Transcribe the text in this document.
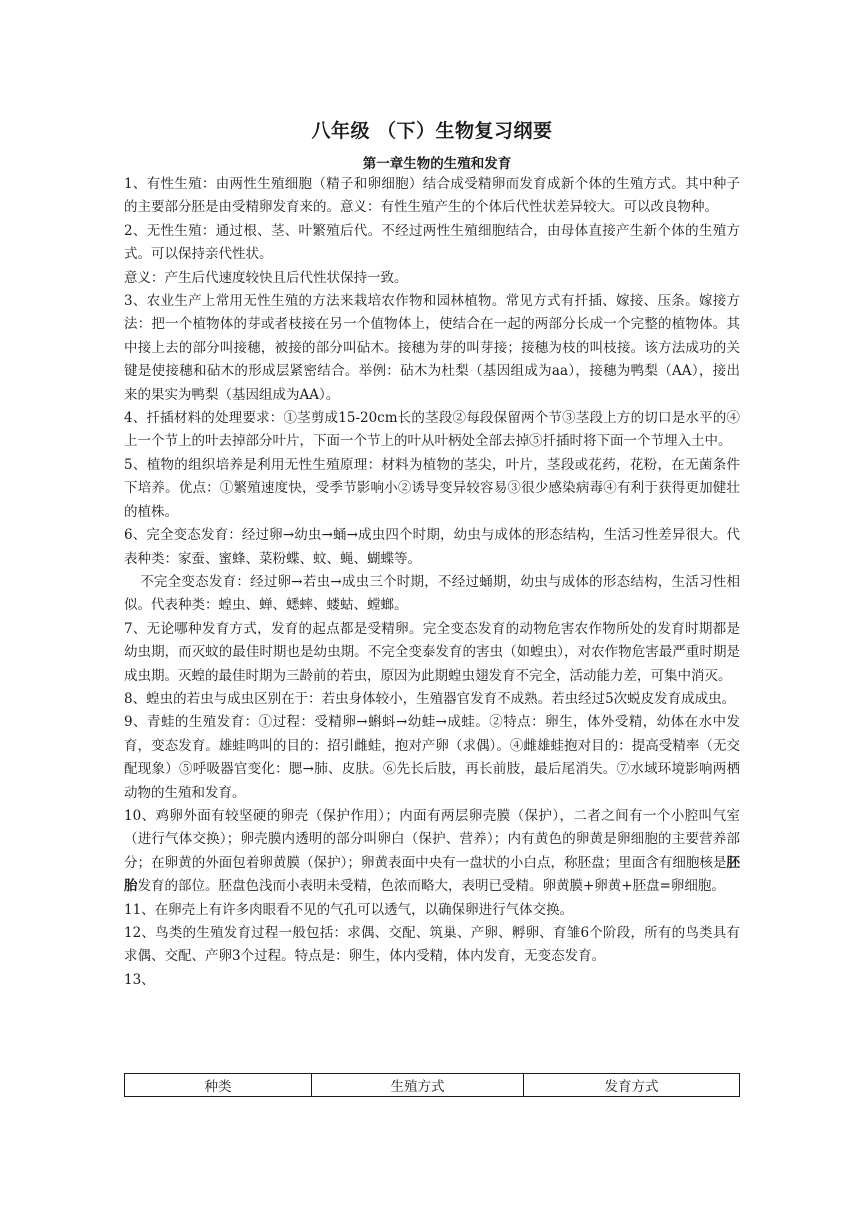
八年级 （下）生物复习纲要
第一章生物的生殖和发育

1、有性生殖：由两性生殖细胞（精子和卵细胞）结合成受精卵而发育成新个体的生殖方式。其中种子的主要部分胚是由受精卵发育来的。意义：有性生殖产生的个体后代性状差异较大。可以改良物种。

2、无性生殖：通过根、茎、叶繁殖后代。不经过两性生殖细胞结合，由母体直接产生新个体的生殖方式。可以保持亲代性状。

意义：产生后代速度较快且后代性状保持一致。

3、农业生产上常用无性生殖的方法来栽培农作物和园林植物。常见方式有扦插、嫁接、压条。嫁接方法：把一个植物体的芽或者枝接在另一个值物体上，使结合在一起的两部分长成一个完整的植物体。其中接上去的部分叫接穗，被接的部分叫砧木。接穗为芽的叫芽接；接穗为枝的叫枝接。该方法成功的关键是使接穗和砧木的形成层紧密结合。举例：砧木为杜梨（基因组成为aa），接穗为鸭梨（AA），接出来的果实为鸭梨（基因组成为AA）。

4、扦插材料的处理要求：①茎剪成15-20cm长的茎段②每段保留两个节③茎段上方的切口是水平的④上一个节上的叶去掉部分叶片，下面一个节上的叶从叶柄处全部去掉⑤扦插时将下面一个节埋入土中。

5、植物的组织培养是利用无性生殖原理：材料为植物的茎尖，叶片，茎段或花药，花粉，在无菌条件下培养。优点：①繁殖速度快，受季节影响小②诱导变异较容易③很少感染病毒④有利于获得更加健壮的植株。

6、完全变态发育：经过卵→幼虫→蛹→成虫四个时期，幼虫与成体的形态结构，生活习性差异很大。代表种类：家蚕、蜜蜂、菜粉蝶、蚊、蝇、蝴蝶等。

不完全变态发育：经过卵→若虫→成虫三个时期，不经过蛹期，幼虫与成体的形态结构，生活习性相似。代表种类：蝗虫、蝉、蟋蟀、蝼蛄、螳螂。

7、无论哪种发育方式，发育的起点都是受精卵。完全变态发育的动物危害农作物所处的发育时期都是幼虫期，而灭蚊的最佳时期也是幼虫期。不完全变泰发育的害虫（如蝗虫），对农作物危害最严重时期是成虫期。灭蝗的最佳时期为三龄前的若虫，原因为此期蝗虫翅发育不完全，活动能力差，可集中消灭。

8、蝗虫的若虫与成虫区别在于：若虫身体较小，生殖器官发育不成熟。若虫经过5次蜕皮发育成成虫。

9、青蛙的生殖发育：①过程：受精卵→蝌蚪→幼蛙→成蛙。②特点：卵生，体外受精，幼体在水中发育，变态发育。雄蛙鸣叫的目的：招引雌蛙，抱对产卵（求偶）。④雌雄蛙抱对目的：提高受精率（无交配现象）⑤呼吸器官变化：腮→肺、皮肤。⑥先长后肢，再长前肢，最后尾消失。⑦水域环境影响两栖动物的生殖和发育。

10、鸡卵外面有较坚硬的卵壳（保护作用）；内面有两层卵壳膜（保护），二者之间有一个小腔叫气室（进行气体交换）；卵壳膜内透明的部分叫卵白（保护、营养）；内有黄色的卵黄是卵细胞的主要营养部分；在卵黄的外面包着卵黄膜（保护）；卵黄表面中央有一盘状的小白点，称胚盘；里面含有细胞核是胚胎发育的部位。胚盘色浅而小表明未受精，色浓而略大，表明已受精。卵黄膜+卵黄+胚盘=卵细胞。

11、在卵壳上有许多肉眼看不见的气孔可以透气，以确保卵进行气体交换。

12、鸟类的生殖发育过程一般包括：求偶、交配、筑巢、产卵、孵卵、育雏6个阶段，所有的鸟类具有求偶、交配、产卵3个过程。特点是：卵生，体内受精，体内发育，无变态发育。

13、

种类	生殖方式	发育方式
